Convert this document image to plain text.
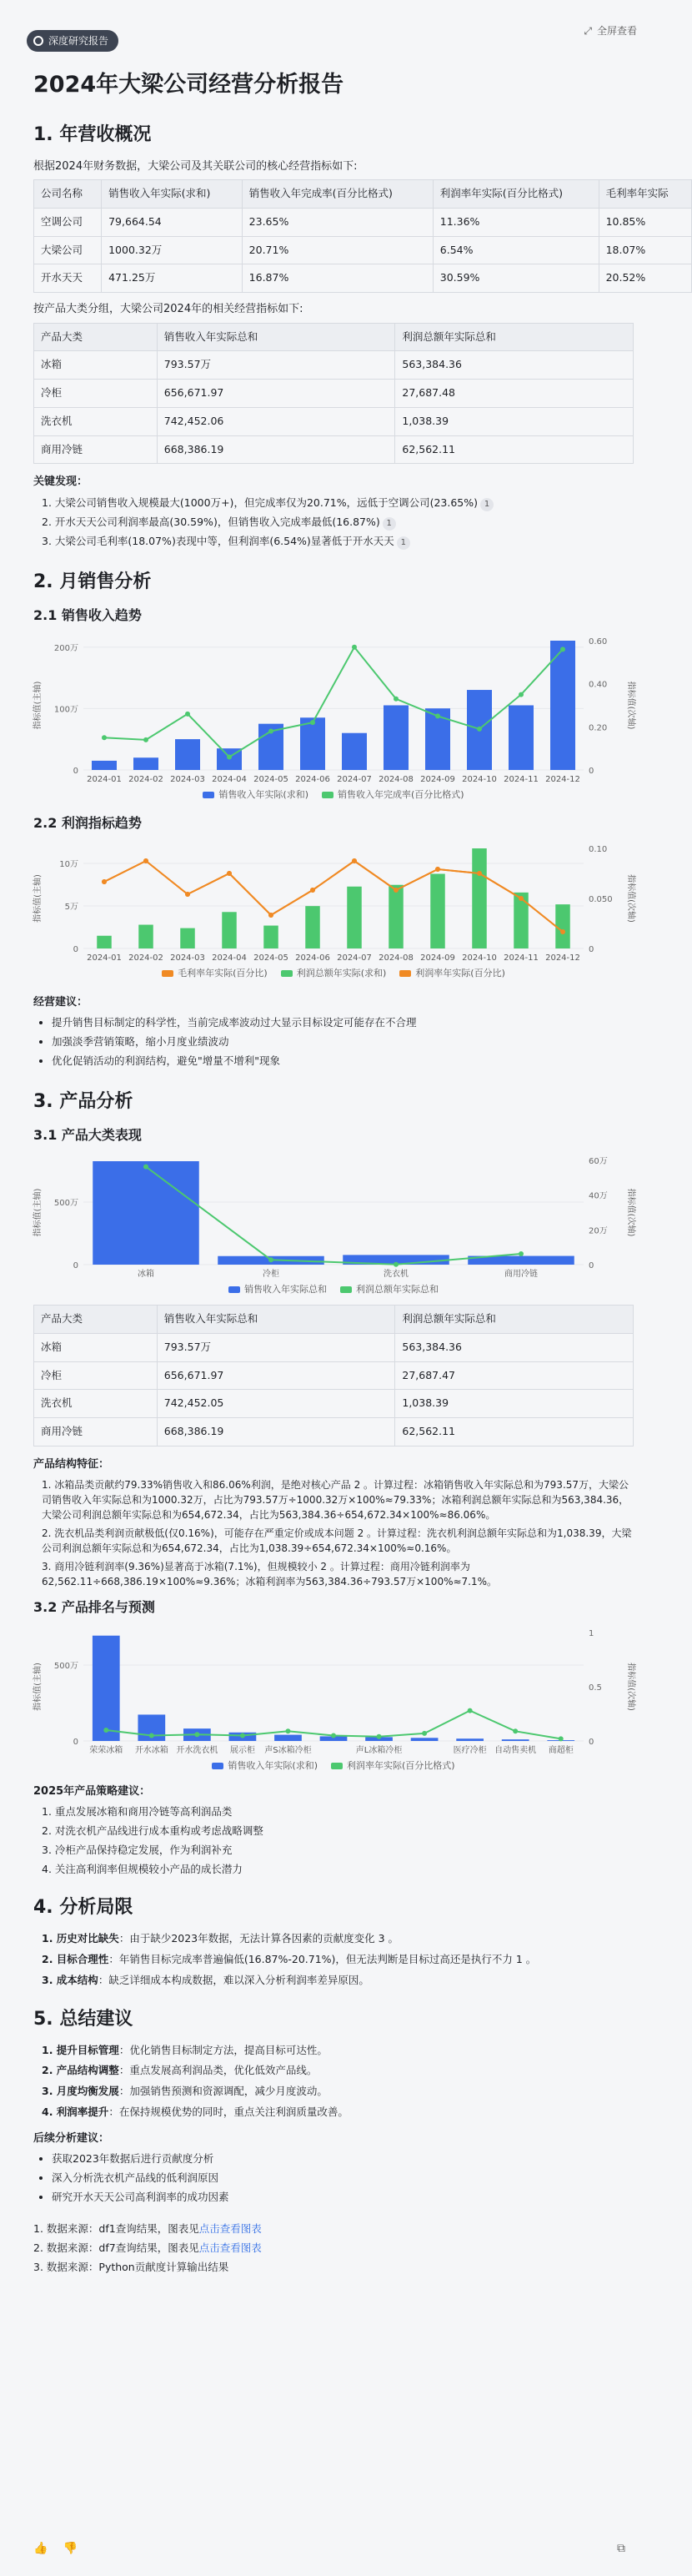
深度研究报告
⤢ 全屏查看
2024年大梁公司经营分析报告
1. 年营收概况

根据2024年财务数据，大梁公司及其关联公司的核心经营指标如下:

公司名称	销售收入年实际(求和)	销售收入年完成率(百分比格式)	利润率年实际(百分比格式)	毛利率年实际
空调公司	79,664.54	23.65%	11.36%	10.85%
大梁公司	1000.32万	20.71%	6.54%	18.07%
开水天天	471.25万	16.87%	30.59%	20.52%

按产品大类分组，大梁公司2024年的相关经营指标如下:

产品大类	销售收入年实际总和	利润总额年实际总和
冰箱	793.57万	563,384.36
冷柜	656,671.97	27,687.48
洗衣机	742,452.06	1,038.39
商用冷链	668,386.19	62,562.11
关键发现：
1. 大梁公司销售收入规模最大(1000万+)，但完成率仅为20.71%，远低于空调公司(23.65%) 1
2. 开水天天公司利润率最高(30.59%)，但销售收入完成率最低(16.87%) 1
3. 大梁公司毛利率(18.07%)表现中等，但利润率(6.54%)显著低于开水天天 1
2. 月销售分析
2.1 销售收入趋势
指标值(主轴)	指标值(次轴)
0
100万
200万
0
0.20
0.40
0.60
2024-01 2024-02 2024-03 2024-04 2024-05 2024-06 2024-07 2024-08 2024-09 2024-10 2024-11 2024-12
销售收入年实际(求和)	销售收入年完成率(百分比格式)
2.2 利润指标趋势
指标值(主轴)	指标值(次轴)
0
5万
10万
0
0.050
0.10
2024-01 2024-02 2024-03 2024-04 2024-05 2024-06 2024-07 2024-08 2024-09 2024-10 2024-11 2024-12
毛利率年实际(百分比)	利润总额年实际(求和)	利润率年实际(百分比)
经营建议：
• 提升销售目标制定的科学性，当前完成率波动过大显示目标设定可能存在不合理
• 加强淡季营销策略，缩小月度业绩波动
• 优化促销活动的利润结构，避免"增量不增利"现象
3. 产品分析
3.1 产品大类表现
指标值(主轴)	指标值(次轴)
0
500万
0
20万
40万
60万
冰箱	冷柜	洗衣机	商用冷链
销售收入年实际总和	利润总额年实际总和
产品大类	销售收入年实际总和	利润总额年实际总和
冰箱	793.57万	563,384.36
冷柜	656,671.97	27,687.47
洗衣机	742,452.05	1,038.39
商用冷链	668,386.19	62,562.11
产品结构特征：
1. 冰箱品类贡献约79.33%销售收入和86.06%利润，是绝对核心产品 2 。计算过程：冰箱销售收入年实际总和为793.57万，大梁公司销售收入年实际总和为1000.32万，占比为793.57万÷1000.32万×100%≈79.33%；冰箱利润总额年实际总和为563,384.36，大梁公司利润总额年实际总和为654,672.34，占比为563,384.36÷654,672.34×100%≈86.06%。
2. 洗衣机品类利润贡献极低(仅0.16%)，可能存在严重定价或成本问题 2 。计算过程：洗衣机利润总额年实际总和为1,038.39，大梁公司利润总额年实际总和为654,672.34，占比为1,038.39÷654,672.34×100%≈0.16%。
3. 商用冷链利润率(9.36%)显著高于冰箱(7.1%)，但规模较小 2 。计算过程：商用冷链利润率为62,562.11÷668,386.19×100%≈9.36%；冰箱利润率为563,384.36÷793.57万×100%≈7.1%。
3.2 产品排名与预测
指标值(主轴)	指标值(次轴)
0
500万
0
0.5
1
荣荣冰箱 开水冰箱 开水洗衣机 展示柜 声S冰箱冷柜	声L冰箱冷柜	医疗冷柜 自动售卖机 商超柜
销售收入年实际(求和)	利润率年实际(百分比格式)
2025年产品策略建议：
1. 重点发展冰箱和商用冷链等高利润品类
2. 对洗衣机产品线进行成本重构或考虑战略调整
3. 冷柜产品保持稳定发展，作为利润补充
4. 关注高利润率但规模较小产品的成长潜力
4. 分析局限
1. 历史对比缺失：由于缺少2023年数据，无法计算各因素的贡献度变化 3 。
2. 目标合理性：年销售目标完成率普遍偏低(16.87%-20.71%)，但无法判断是目标过高还是执行不力 1 。
3. 成本结构：缺乏详细成本构成数据，难以深入分析利润率差异原因。
5. 总结建议
1. 提升目标管理：优化销售目标制定方法，提高目标可达性。
2. 产品结构调整：重点发展高利润品类，优化低效产品线。
3. 月度均衡发展：加强销售预测和资源调配，减少月度波动。
4. 利润率提升：在保持规模优势的同时，重点关注利润质量改善。
后续分析建议：
• 获取2023年数据后进行贡献度分析
• 深入分析洗衣机产品线的低利润原因
• 研究开水天天公司高利润率的成功因素
1. 数据来源：df1查询结果，图表见点击查看图表
2. 数据来源：df7查询结果，图表见点击查看图表
3. 数据来源：Python贡献度计算输出结果
👍 👎	⧉
